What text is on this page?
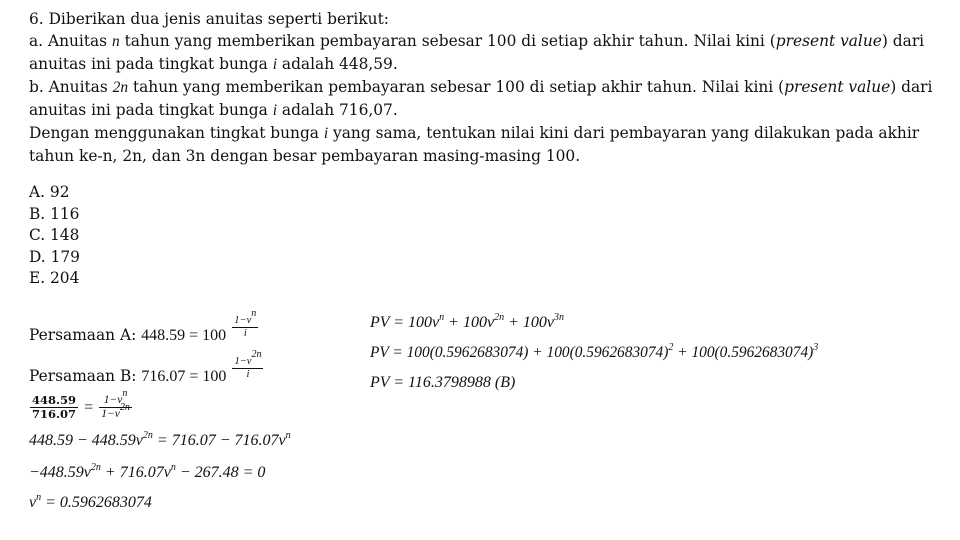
6. Diberikan dua jenis anuitas seperti berikut:
a. Anuitas n tahun yang memberikan pembayaran sebesar 100 di setiap akhir tahun. Nilai kini (present value) dari
anuitas ini pada tingkat bunga i adalah 448,59.
b. Anuitas 2n tahun yang memberikan pembayaran sebesar 100 di setiap akhir tahun. Nilai kini (present value) dari
anuitas ini pada tingkat bunga i adalah 716,07.
Dengan menggunakan tingkat bunga i yang sama, tentukan nilai kini dari pembayaran yang dilakukan pada akhir
tahun ke-n, 2n, dan 3n dengan besar pembayaran masing-masing 100.
A. 92
B. 116
C. 148
D. 179
E. 204
Persamaan A: $448.59 = 100 \frac{1-v^n}{i}$
Persamaan B: $716.07 = 100 \frac{1-v^{2n}}{i}$
$\frac{448.59}{716.07} = \frac{1-v^n}{1-v^{2n}}$
$448.59 - 448.59v^{2n} = 716.07 - 716.07v^n$
$-448.59v^{2n} + 716.07v^n - 267.48 = 0$
$v^n = 0.5962683074$
PV = $100v^n + 100v^{2n} + 100v^{3n}$
PV = $100(0.5962683074) + 100(0.5962683074)^2 + 100(0.5962683074)^3$
PV = 116.3798988 (B)
